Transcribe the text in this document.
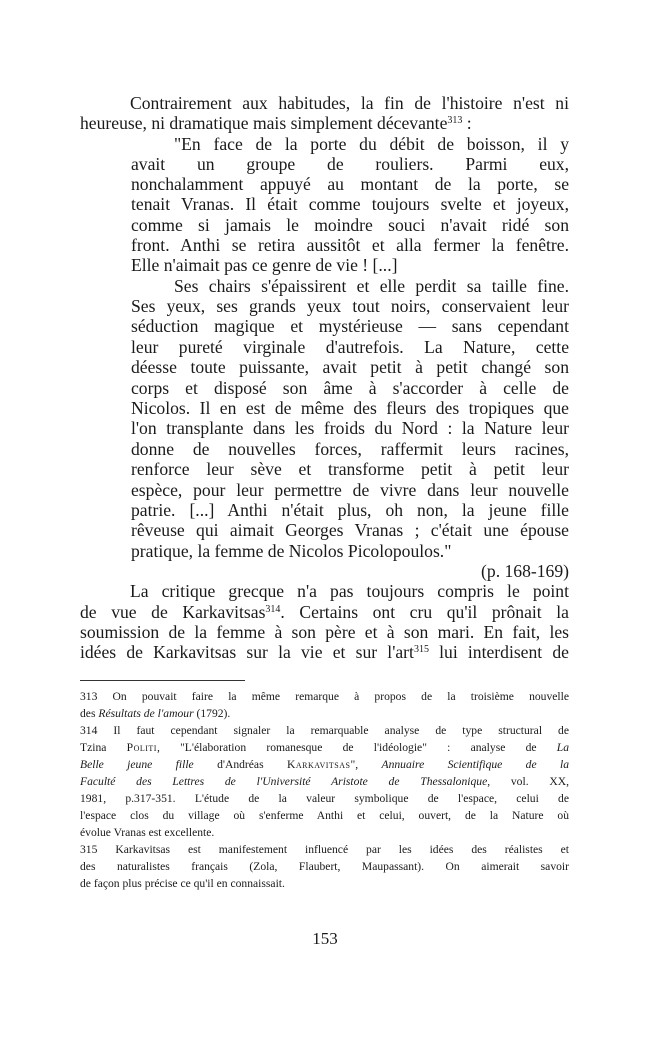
Contrairement aux habitudes, la fin de l'histoire n'est ni
heureuse, ni dramatique mais simplement décevante$^{313}$ :
"En face de la porte du débit de boisson, il y
avait un groupe de rouliers. Parmi eux,
nonchalamment appuyé au montant de la porte, se
tenait Vranas. Il était comme toujours svelte et joyeux,
comme si jamais le moindre souci n'avait ridé son
front. Anthi se retira aussitôt et alla fermer la fenêtre.
Elle n'aimait pas ce genre de vie ! [...]
Ses chairs s'épaissirent et elle perdit sa taille fine.
Ses yeux, ses grands yeux tout noirs, conservaient leur
séduction magique et mystérieuse — sans cependant
leur pureté virginale d'autrefois. La Nature, cette
déesse toute puissante, avait petit à petit changé son
corps et disposé son âme à s'accorder à celle de
Nicolos. Il en est de même des fleurs des tropiques que
l'on transplante dans les froids du Nord : la Nature leur
donne de nouvelles forces, raffermit leurs racines,
renforce leur sève et transforme petit à petit leur
espèce, pour leur permettre de vivre dans leur nouvelle
patrie. [...] Anthi n'était plus, oh non, la jeune fille
rêveuse qui aimait Georges Vranas ; c'était une épouse
pratique, la femme de Nicolos Picolopoulos."
(p. 168-169)
La critique grecque n'a pas toujours compris le point
de vue de Karkavitsas$^{314}$. Certains ont cru qu'il prônait la
soumission de la femme à son père et à son mari. En fait, les
idées de Karkavitsas sur la vie et sur l'art$^{315}$ lui interdisent de
313 On pouvait faire la même remarque à propos de la troisième nouvelle
des Résultats de l'amour (1792).
314 Il faut cependant signaler la remarquable analyse de type structural de
Tzina Politi, "L'élaboration romanesque de l'idéologie" : analyse de La
Belle jeune fille d'Andréas Karkavitsas", Annuaire Scientifique de la
Faculté des Lettres de l'Université Aristote de Thessalonique, vol. XX,
1981, p.317-351. L'étude de la valeur symbolique de l'espace, celui de
l'espace clos du village où s'enferme Anthi et celui, ouvert, de la Nature où
évolue Vranas est excellente.
315 Karkavitsas est manifestement influencé par les idées des réalistes et
des naturalistes français (Zola, Flaubert, Maupassant). On aimerait savoir
de façon plus précise ce qu'il en connaissait.
153
